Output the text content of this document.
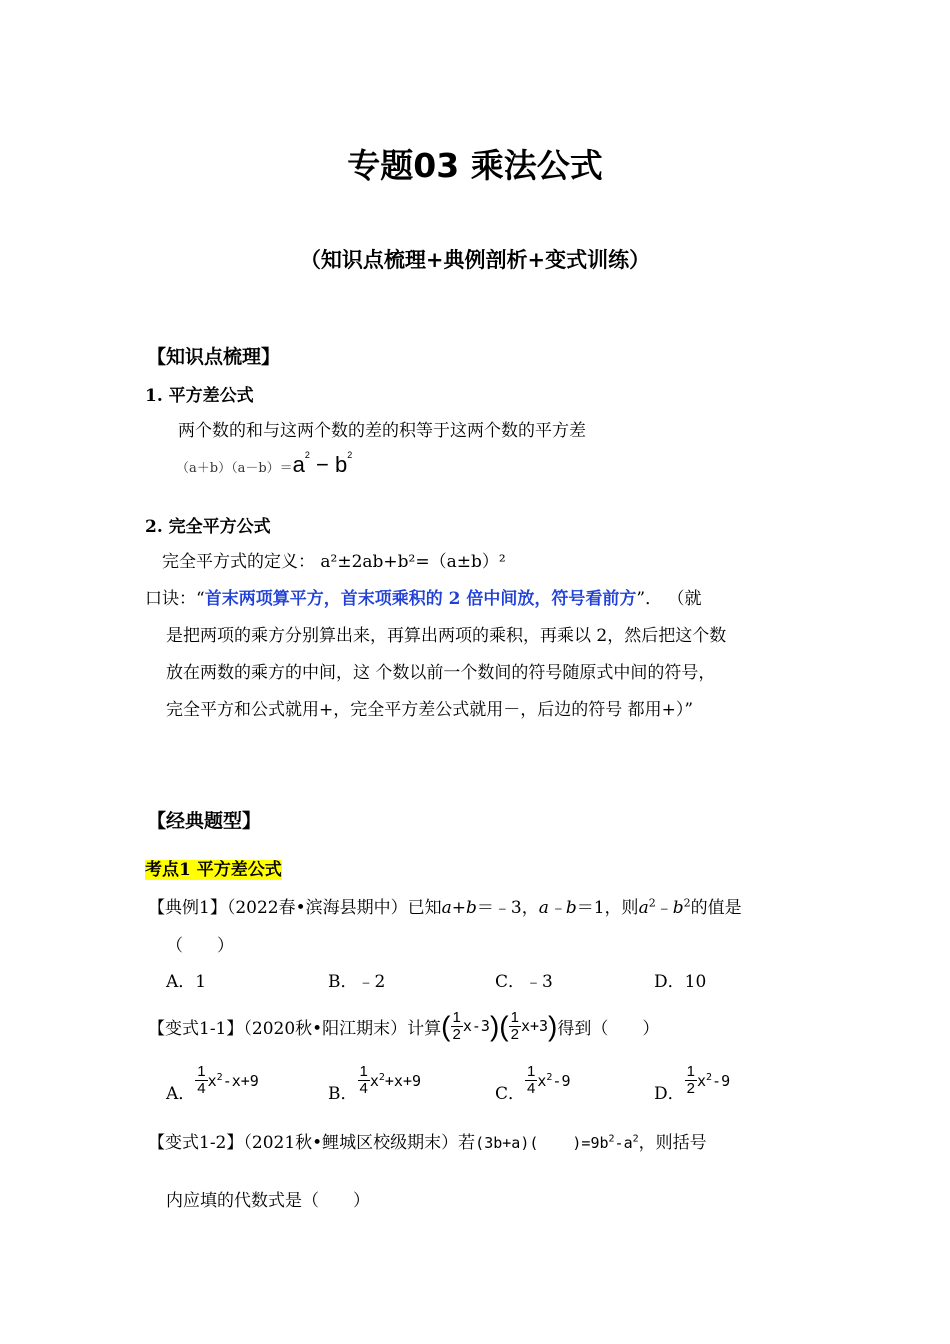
专题03 乘法公式
（知识点梳理+典例剖析+变式训练）
【知识点梳理】
1. 平方差公式
两个数的和与这两个数的差的积等于这两个数的平方差
$(a+b)(a-b)=a^2 - b^2$
2. 完全平方公式
完全平方式的定义： a²±2ab+b²=（a±b）²
口诀：“首末两项算平方，首末项乘积的 2 倍中间放，符号看前方”． （就
是把两项的乘方分别算出来，再算出两项的乘积，再乘以 2，然后把这个数
放在两数的乘方的中间，这 个数以前一个数间的符号随原式中间的符号，
完全平方和公式就用+，完全平方差公式就用－，后边的符号 都用+）”
【经典题型】
考点1 平方差公式
【典例1】（2022春•滨海县期中）已知a+b＝﹣3，a﹣b＝1，则$a^2﹣b^2$的值是
（　　）
A．1	B．﹣2	C．﹣3	D．10
【变式1-1】（2020秋•阳江期末）计算( $\frac{1}{2} x-3)( \frac{1}{2} x+3)$得到（　　）
A． $\frac{1}{4} x^2-x+9$
B． $\frac{1}{4} x^2+x+9$
C． $\frac{1}{4} x^2-9$
D． $\frac{1}{2} x^2-9$
【变式1-2】（2021秋•鲤城区校级期末）若(3b+a)( )$=9b^2-a^2$，则括号
内应填的代数式是（　　）
